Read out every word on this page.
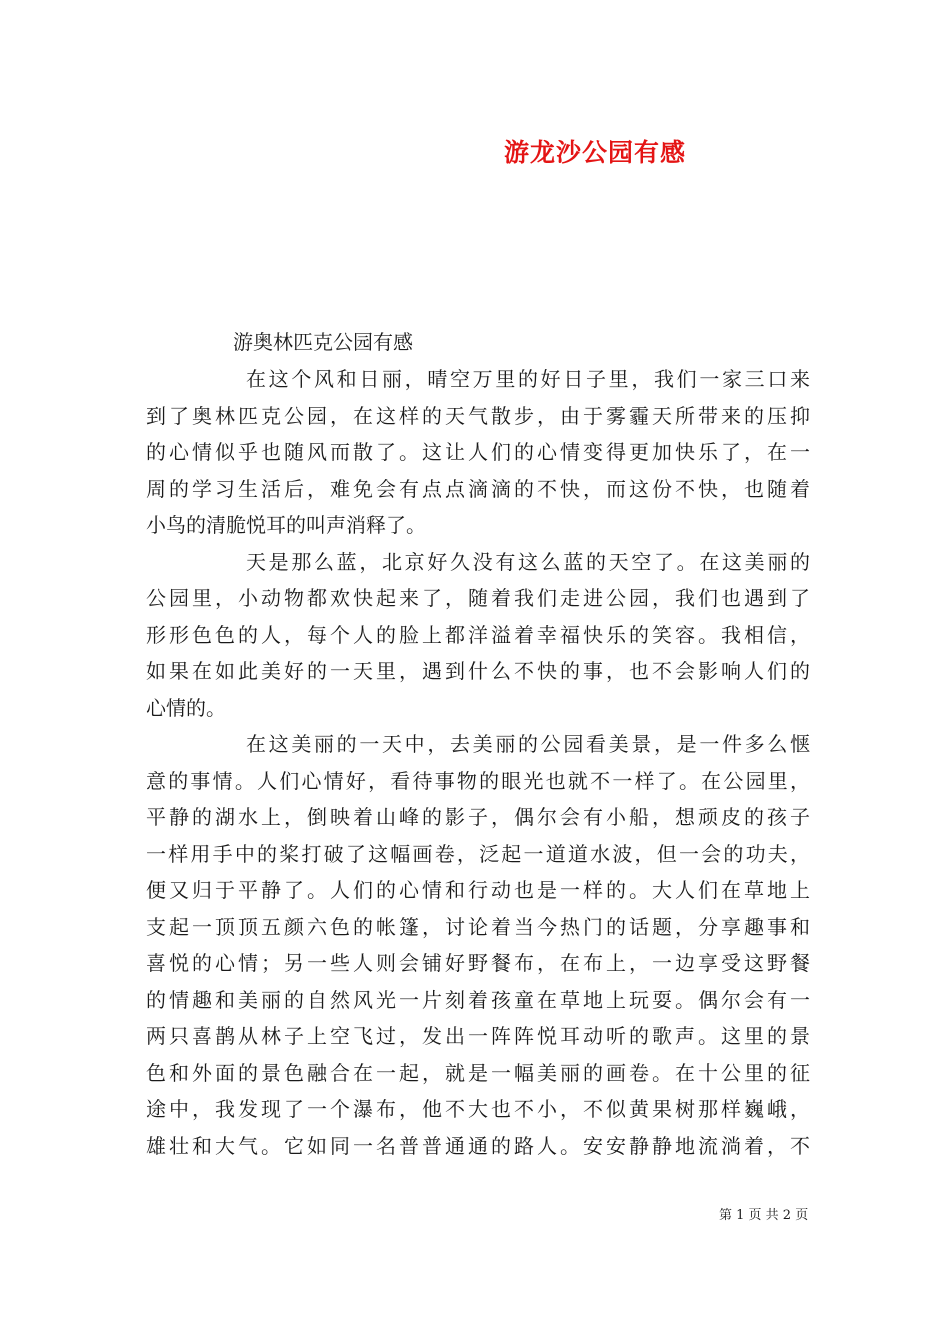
游龙沙公园有感

游奥林匹克公园有感

在这个风和日丽，晴空万里的好日子里，我们一家三口来
到了奥林匹克公园，在这样的天气散步，由于雾霾天所带来的压抑
的心情似乎也随风而散了。这让人们的心情变得更加快乐了，在一
周的学习生活后，难免会有点点滴滴的不快，而这份不快，也随着
小鸟的清脆悦耳的叫声消释了。

天是那么蓝，北京好久没有这么蓝的天空了。在这美丽的
公园里，小动物都欢快起来了，随着我们走进公园，我们也遇到了
形形色色的人，每个人的脸上都洋溢着幸福快乐的笑容。我相信，
如果在如此美好的一天里，遇到什么不快的事，也不会影响人们的
心情的。

在这美丽的一天中，去美丽的公园看美景，是一件多么惬
意的事情。人们心情好，看待事物的眼光也就不一样了。在公园里，
平静的湖水上，倒映着山峰的影子，偶尔会有小船，想顽皮的孩子
一样用手中的桨打破了这幅画卷，泛起一道道水波，但一会的功夫，
便又归于平静了。人们的心情和行动也是一样的。大人们在草地上
支起一顶顶五颜六色的帐篷，讨论着当今热门的话题，分享趣事和
喜悦的心情；另一些人则会铺好野餐布，在布上，一边享受这野餐
的情趣和美丽的自然风光一片刻着孩童在草地上玩耍。偶尔会有一
两只喜鹊从林子上空飞过，发出一阵阵悦耳动听的歌声。这里的景
色和外面的景色融合在一起，就是一幅美丽的画卷。在十公里的征
途中，我发现了一个瀑布，他不大也不小，不似黄果树那样巍峨，
雄壮和大气。它如同一名普普通通的路人。安安静静地流淌着，不

第 1 页 共 2 页
